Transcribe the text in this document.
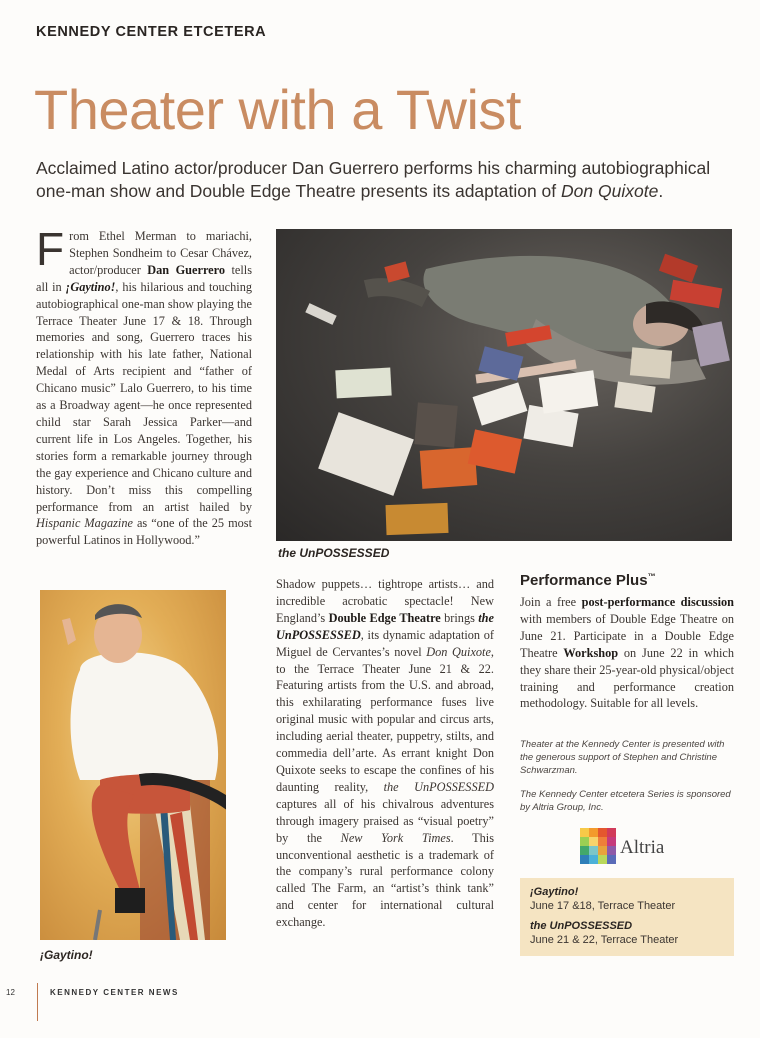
KENNEDY CENTER ETCETERA
Theater with a Twist
Acclaimed Latino actor/producer Dan Guerrero performs his charming autobiographical one-man show and Double Edge Theatre presents its adaptation of Don Quixote.
From Ethel Merman to mariachi, Stephen Sondheim to Cesar Chávez, actor/producer Dan Guerrero tells all in ¡Gaytino!, his hilarious and touching autobiographical one-man show playing the Terrace Theater June 17 & 18. Through memories and song, Guerrero traces his relationship with his late father, National Medal of Arts recipient and “father of Chicano music” Lalo Guerrero, to his time as a Broadway agent—he once represented child star Sarah Jessica Parker—and current life in Los Angeles. Together, his stories form a remarkable journey through the gay experience and Chicano culture and history. Don’t miss this compelling performance from an artist hailed by Hispanic Magazine as “one of the 25 most powerful Latinos in Hollywood.”
the UnPOSSESSED
¡Gaytino!
Shadow puppets… tightrope artists… and incredible acrobatic spectacle! New England’s Double Edge Theatre brings the UnPOSSESSED, its dynamic adaptation of Miguel de Cervantes’s novel Don Quixote, to the Terrace Theater June 21 & 22. Featuring artists from the U.S. and abroad, this exhilarating performance fuses live original music with popular and circus arts, including aerial theater, puppetry, stilts, and commedia dell’arte. As errant knight Don Quixote seeks to escape the confines of his daunting reality, the UnPOSSESSED captures all of his chivalrous adventures through imagery praised as “visual poetry” by the New York Times. This unconventional aesthetic is a trademark of the company’s rural performance colony called The Farm, an “artist’s think tank” and center for international cultural exchange.
Performance Plus™
Join a free post-performance discussion with members of Double Edge Theatre on June 21. Participate in a Double Edge Theatre Workshop on June 22 in which they share their 25-year-old physical/object training and performance creation methodology. Suitable for all levels.
Theater at the Kennedy Center is presented with the generous support of Stephen and Christine Schwarzman.
The Kennedy Center etcetera Series is sponsored by Altria Group, Inc.
Altria
¡Gaytino!
June 17 &18, Terrace Theater
the UnPOSSESSED
June 21 & 22, Terrace Theater
12	KENNEDY CENTER NEWS
